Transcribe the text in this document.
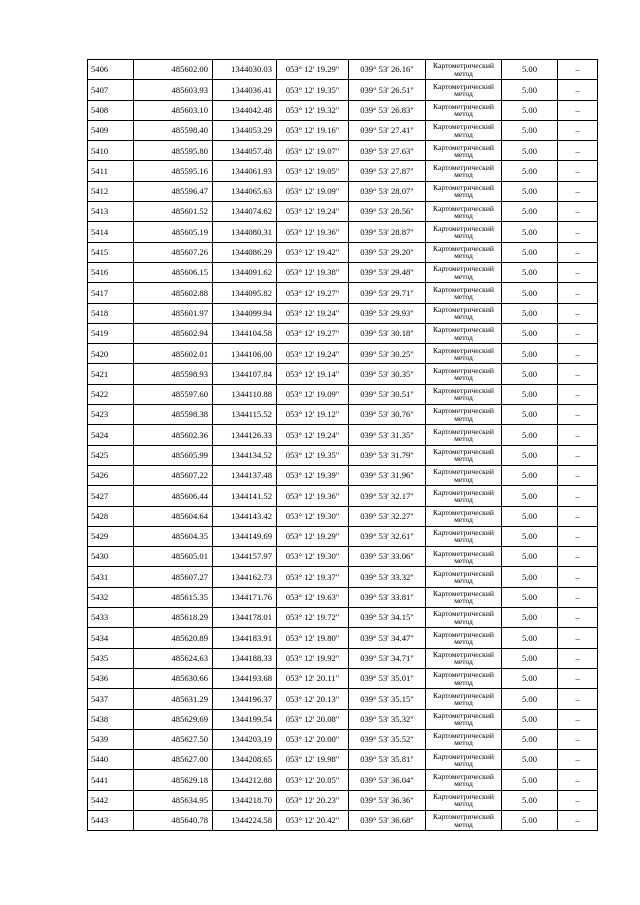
5406	485602.00	1344030.03	053° 12' 19.29"	039° 53' 26.16"	Картометрический метод	5.00	–
5407	485603.93	1344036.41	053° 12' 19.35"	039° 53' 26.51"	Картометрический метод	5.00	–
5408	485603.10	1344042.48	053° 12' 19.32"	039° 53' 26.83"	Картометрический метод	5.00	–
5409	485598.40	1344053.29	053° 12' 19.16"	039° 53' 27.41"	Картометрический метод	5.00	–
5410	485595.80	1344057.48	053° 12' 19.07"	039° 53' 27.63"	Картометрический метод	5.00	–
5411	485595.16	1344061.93	053° 12' 19.05"	039° 53' 27.87"	Картометрический метод	5.00	–
5412	485596.47	1344065.63	053° 12' 19.09"	039° 53' 28.07"	Картометрический метод	5.00	–
5413	485601.52	1344074.62	053° 12' 19.24"	039° 53' 28.56"	Картометрический метод	5.00	–
5414	485605.19	1344080.31	053° 12' 19.36"	039° 53' 28.87"	Картометрический метод	5.00	–
5415	485607.26	1344086.29	053° 12' 19.42"	039° 53' 29.20"	Картометрический метод	5.00	–
5416	485606.15	1344091.62	053° 12' 19.38"	039° 53' 29.48"	Картометрический метод	5.00	–
5417	485602.88	1344095.82	053° 12' 19.27"	039° 53' 29.71"	Картометрический метод	5.00	–
5418	485601.97	1344099.94	053° 12' 19.24"	039° 53' 29.93"	Картометрический метод	5.00	–
5419	485602.94	1344104.58	053° 12' 19.27"	039° 53' 30.18"	Картометрический метод	5.00	–
5420	485602.01	1344106.00	053° 12' 19.24"	039° 53' 30.25"	Картометрический метод	5.00	–
5421	485598.93	1344107.84	053° 12' 19.14"	039° 53' 30.35"	Картометрический метод	5.00	–
5422	485597.60	1344110.88	053° 12' 19.09"	039° 53' 30.51"	Картометрический метод	5.00	–
5423	485598.38	1344115.52	053° 12' 19.12"	039° 53' 30.76"	Картометрический метод	5.00	–
5424	485602.36	1344126.33	053° 12' 19.24"	039° 53' 31.35"	Картометрический метод	5.00	–
5425	485605.99	1344134.52	053° 12' 19.35"	039° 53' 31.79"	Картометрический метод	5.00	–
5426	485607.22	1344137.48	053° 12' 19.39"	039° 53' 31.96"	Картометрический метод	5.00	–
5427	485606.44	1344141.52	053° 12' 19.36"	039° 53' 32.17"	Картометрический метод	5.00	–
5428	485604.64	1344143.42	053° 12' 19.30"	039° 53' 32.27"	Картометрический метод	5.00	–
5429	485604.35	1344149.69	053° 12' 19.29"	039° 53' 32.61"	Картометрический метод	5.00	–
5430	485605.01	1344157.97	053° 12' 19.30"	039° 53' 33.06"	Картометрический метод	5.00	–
5431	485607.27	1344162.73	053° 12' 19.37"	039° 53' 33.32"	Картометрический метод	5.00	–
5432	485615.35	1344171.76	053° 12' 19.63"	039° 53' 33.81"	Картометрический метод	5.00	–
5433	485618.29	1344178.01	053° 12' 19.72"	039° 53' 34.15"	Картометрический метод	5.00	–
5434	485620.89	1344183.91	053° 12' 19.80"	039° 53' 34.47"	Картометрический метод	5.00	–
5435	485624.63	1344188.33	053° 12' 19.92"	039° 53' 34.71"	Картометрический метод	5.00	–
5436	485630.66	1344193.68	053° 12' 20.11"	039° 53' 35.01"	Картометрический метод	5.00	–
5437	485631.29	1344196.37	053° 12' 20.13"	039° 53' 35.15"	Картометрический метод	5.00	–
5438	485629.69	1344199.54	053° 12' 20.08"	039° 53' 35.32"	Картометрический метод	5.00	–
5439	485627.50	1344203.19	053° 12' 20.00"	039° 53' 35.52"	Картометрический метод	5.00	–
5440	485627.00	1344208.65	053° 12' 19.98"	039° 53' 35.81"	Картометрический метод	5.00	–
5441	485629.18	1344212.88	053° 12' 20.05"	039° 53' 36.04"	Картометрический метод	5.00	–
5442	485634.95	1344218.70	053° 12' 20.23"	039° 53' 36.36"	Картометрический метод	5.00	–
5443	485640.78	1344224.58	053° 12' 20.42"	039° 53' 36.68"	Картометрический метод	5.00	–
